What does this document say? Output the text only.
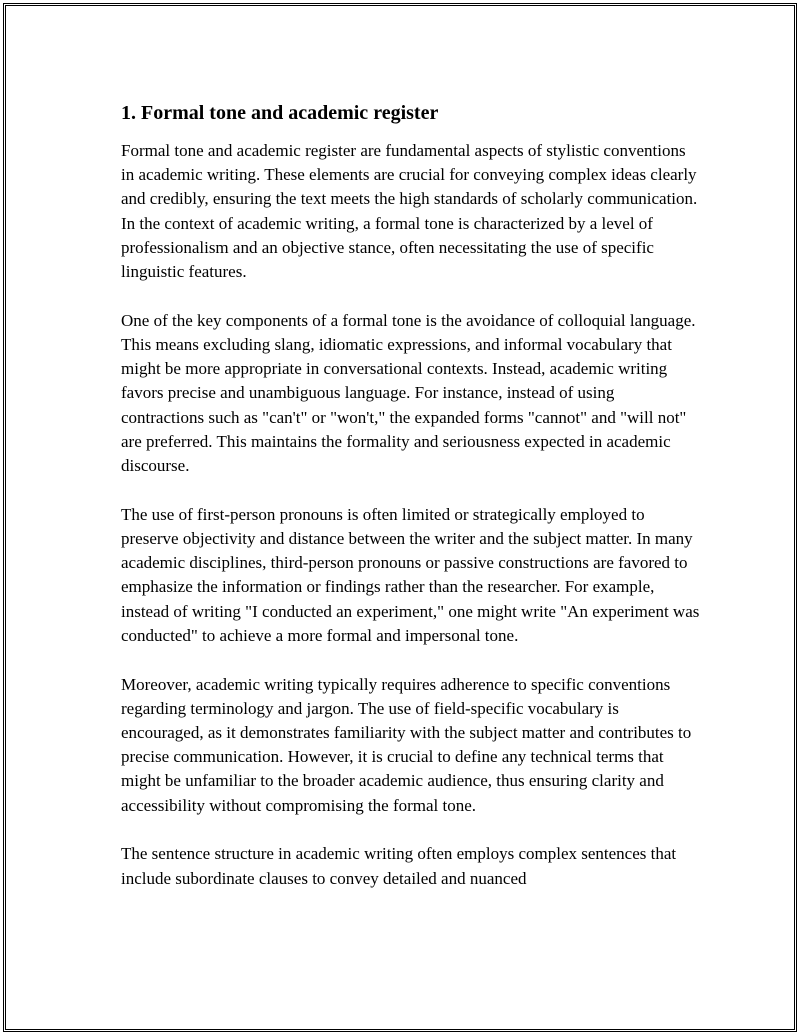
1. Formal tone and academic register

Formal tone and academic register are fundamental aspects of stylistic conventions in academic writing. These elements are crucial for conveying complex ideas clearly and credibly, ensuring the text meets the high standards of scholarly communication. In the context of academic writing, a formal tone is characterized by a level of professionalism and an objective stance, often necessitating the use of specific linguistic features.

One of the key components of a formal tone is the avoidance of colloquial language. This means excluding slang, idiomatic expressions, and informal vocabulary that might be more appropriate in conversational contexts. Instead, academic writing favors precise and unambiguous language. For instance, instead of using contractions such as "can't" or "won't," the expanded forms "cannot" and "will not" are preferred. This maintains the formality and seriousness expected in academic discourse.

The use of first-person pronouns is often limited or strategically employed to preserve objectivity and distance between the writer and the subject matter. In many academic disciplines, third-person pronouns or passive constructions are favored to emphasize the information or findings rather than the researcher. For example, instead of writing "I conducted an experiment," one might write "An experiment was conducted" to achieve a more formal and impersonal tone.

Moreover, academic writing typically requires adherence to specific conventions regarding terminology and jargon. The use of field-specific vocabulary is encouraged, as it demonstrates familiarity with the subject matter and contributes to precise communication. However, it is crucial to define any technical terms that might be unfamiliar to the broader academic audience, thus ensuring clarity and accessibility without compromising the formal tone.

The sentence structure in academic writing often employs complex sentences that include subordinate clauses to convey detailed and nuanced
